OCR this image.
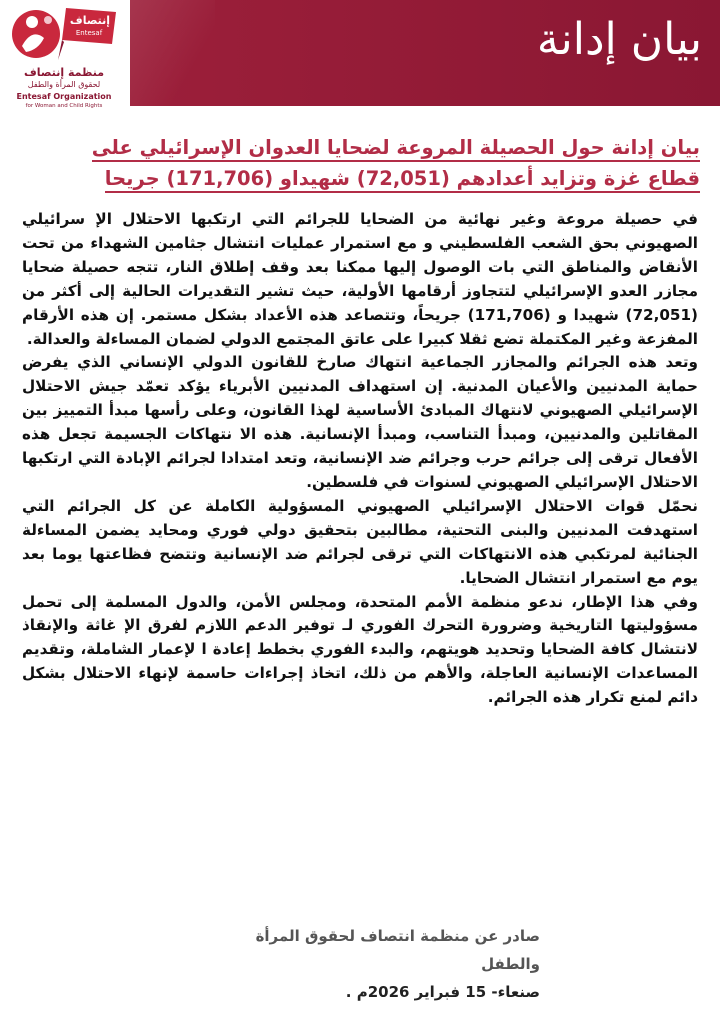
إنتصاف
Entesaf
منظمة إنتصاف
لحقوق المرأة والطفل
Entesaf Organization
for Woman and Child Rights
بيان إدانة
بيان إدانة حول الحصيلة المروعة لضحايا العدوان الإسرائيلي على
قطاع غزة وتزايد أعدادهم (72,051) شهيداو (171,706) جريحا

في حصيلة مروعة وغير نهائية من الضحايا للجرائم التي ارتكبها الاحتلال الإ سرائيلي الصهيوني بحق الشعب الفلسطيني و مع استمرار عمليات انتشال جثامين الشهداء من تحت الأنقاض والمناطق التي بات الوصول إليها ممكنا بعد وقف إطلاق النار، تتجه حصيلة ضحايا مجازر العدو الإسرائيلي لتتجاوز أرقامها الأولية، حيث تشير التقديرات الحالية إلى أكثر من (72,051) شهيدا و (171,706) جريحاً، وتتصاعد هذه الأعداد بشكل مستمر. إن هذه الأرقام المفزعة وغير المكتملة تضع ثقلا كبيرا على عاتق المجتمع الدولي لضمان المساءلة والعدالة.

وتعد هذه الجرائم والمجازر الجماعية انتهاك صارخ للقانون الدولي الإنساني الذي يفرض حماية المدنيين والأعيان المدنية. إن استهداف المدنيين الأبرياء يؤكد تعمّد جيش الاحتلال الإسرائيلي الصهيوني لانتهاك المبادئ الأساسية لهذا القانون، وعلى رأسها مبدأ التمييز بين المقاتلين والمدنيين، ومبدأ التناسب، ومبدأ الإنسانية. هذه الا نتهاكات الجسيمة تجعل هذه الأفعال ترقى إلى جرائم حرب وجرائم ضد الإنسانية، وتعد امتدادا لجرائم الإبادة التي ارتكبها الاحتلال الإسرائيلي الصهيوني لسنوات في فلسطين.

نحمّل قوات الاحتلال الإسرائيلي الصهيوني المسؤولية الكاملة عن كل الجرائم التي استهدفت المدنيين والبنى التحتية، مطالبين بتحقيق دولي فوري ومحايد يضمن المساءلة الجنائية لمرتكبي هذه الانتهاكات التي ترقى لجرائم ضد الإنسانية وتتضح فظاعتها يوما بعد يوم مع استمرار انتشال الضحايا.

وفي هذا الإطار، ندعو منظمة الأمم المتحدة، ومجلس الأمن، والدول المسلمة إلى تحمل مسؤوليتها التاريخية وضرورة التحرك الفوري لـ توفير الدعم اللازم لفرق الإ غاثة والإنقاذ لانتشال كافة الضحايا وتحديد هويتهم، والبدء الفوري بخطط إعادة ا لإعمار الشاملة، وتقديم المساعدات الإنسانية العاجلة، والأهم من ذلك، اتخاذ إجراءات حاسمة لإنهاء الاحتلال بشكل دائم لمنع تكرار هذه الجرائم.

صادر عن منظمة انتصاف لحقوق المرأة والطفل
صنعاء- 15 فبراير 2026م .
